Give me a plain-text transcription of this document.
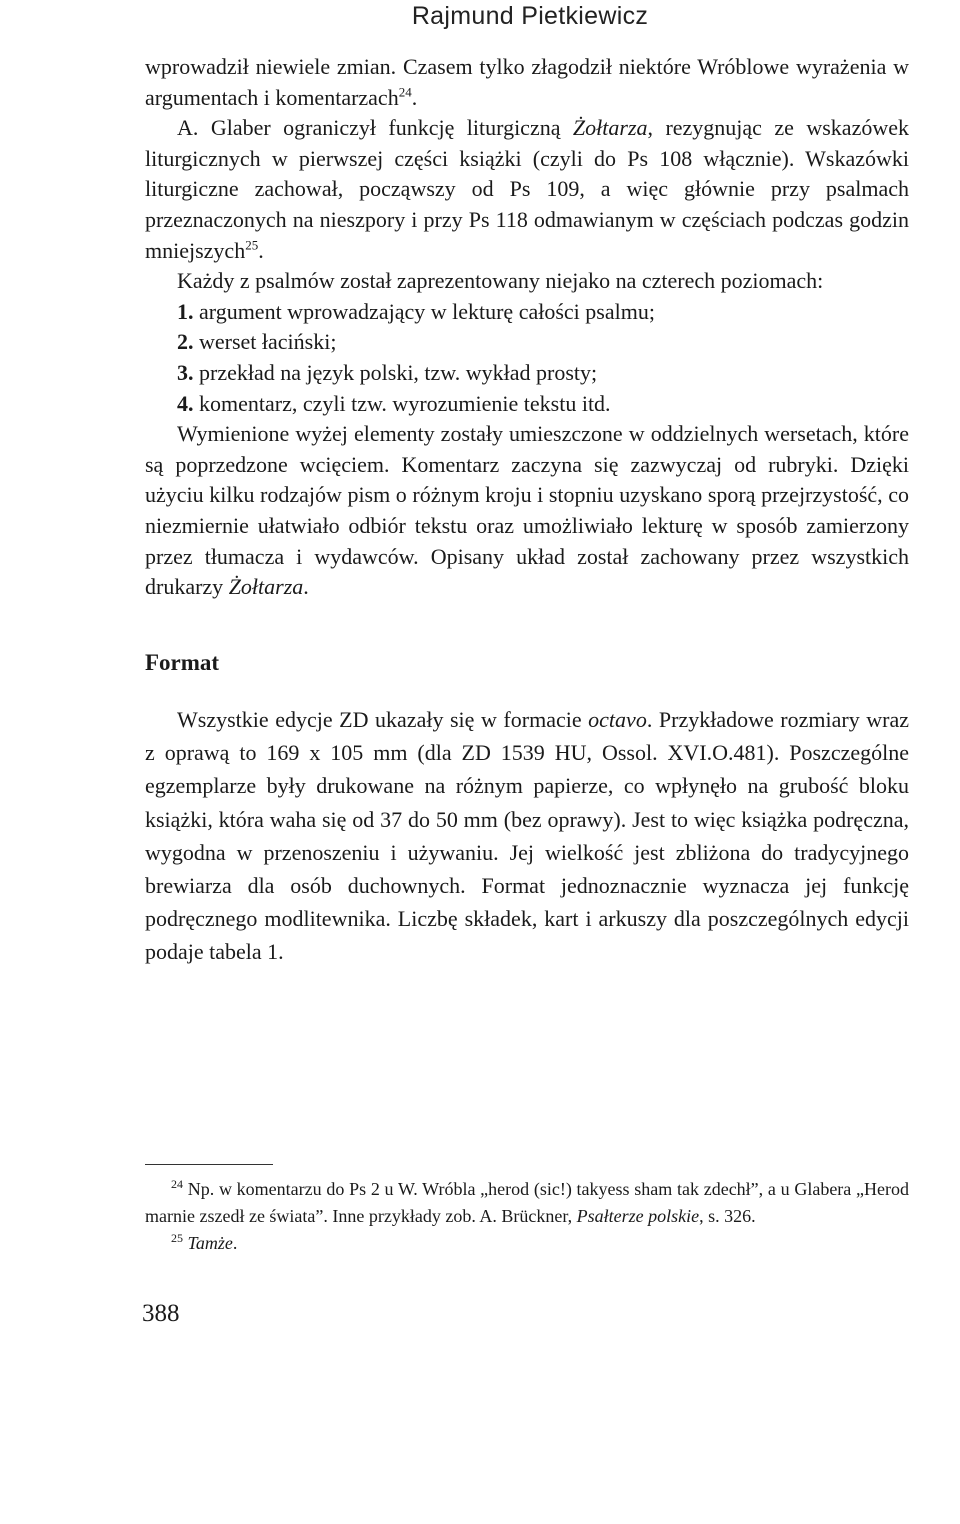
Rajmund Pietkiewicz

wprowadził niewiele zmian. Czasem tylko złagodził niektóre Wróblowe wyrażenia w argumentach i komentarzach$^{24}$.

A. Glaber ograniczył funkcję liturgiczną Żołtarza, rezygnując ze wskazówek liturgicznych w pierwszej części książki (czyli do Ps 108 włącznie). Wskazówki liturgiczne zachował, począwszy od Ps 109, a więc głównie przy psalmach przeznaczonych na nieszpory i przy Ps 118 odmawianym w częściach podczas godzin mniejszych$^{25}$.

Każdy z psalmów został zaprezentowany niejako na czterech poziomach:

1. argument wprowadzający w lekturę całości psalmu;

2. werset łaciński;

3. przekład na język polski, tzw. wykład prosty;

4. komentarz, czyli tzw. wyrozumienie tekstu itd.

Wymienione wyżej elementy zostały umieszczone w oddzielnych wersetach, które są poprzedzone wcięciem. Komentarz zaczyna się zazwyczaj od rubryki. Dzięki użyciu kilku rodzajów pism o różnym kroju i stopniu uzyskano sporą przejrzystość, co niezmiernie ułatwiało odbiór tekstu oraz umożliwiało lekturę w sposób zamierzony przez tłumacza i wydawców. Opisany układ został zachowany przez wszystkich drukarzy Żołtarza.

Format

Wszystkie edycje ZD ukazały się w formacie octavo. Przykładowe rozmiary wraz z oprawą to 169 x 105 mm (dla ZD 1539 HU, Ossol. XVI.O.481). Poszczególne egzemplarze były drukowane na różnym papierze, co wpłynęło na grubość bloku książki, która waha się od 37 do 50 mm (bez oprawy). Jest to więc książka podręczna, wygodna w przenoszeniu i używaniu. Jej wielkość jest zbliżona do tradycyjnego brewiarza dla osób duchownych. Format jednoznacznie wyznacza jej funkcję podręcznego modlitewnika. Liczbę składek, kart i arkuszy dla poszczególnych edycji podaje tabela 1.

$^{24}$ Np. w komentarzu do Ps 2 u W. Wróbla „herod (sic!) takyess sham tak zdechł”, a u Glabera „Herod marnie zszedł ze świata”. Inne przykłady zob. A. Brückner, Psałterze polskie, s. 326.

$^{25}$ Tamże.

388
